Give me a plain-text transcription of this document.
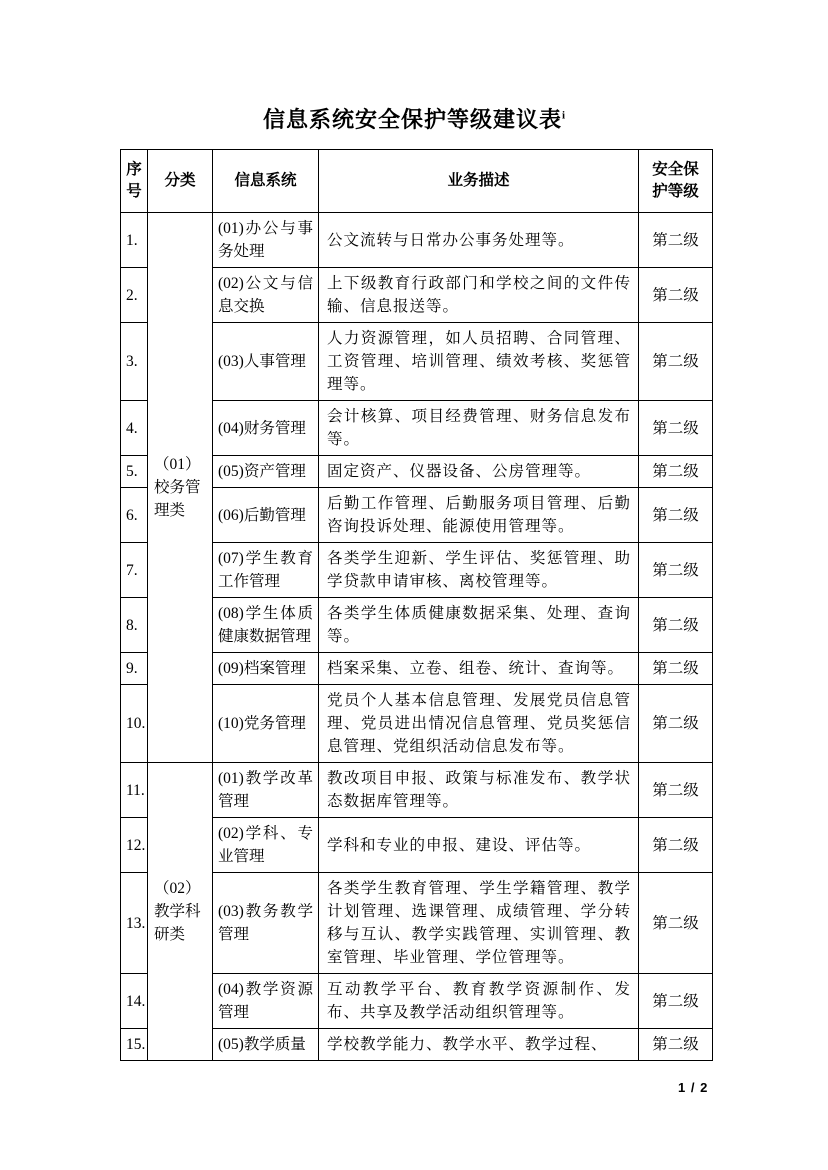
信息系统安全保护等级建议表$^i$
序号	分类	信息系统	业务描述	安全保护等级
1.	（01）校务管理类	(01)办公与事务处理	公文流转与日常办公事务处理等。	第二级
2.		(02)公文与信息交换	上下级教育行政部门和学校之间的文件传输、信息报送等。	第二级
3.		(03)人事管理	人力资源管理，如人员招聘、合同管理、工资管理、培训管理、绩效考核、奖惩管理等。	第二级
4.		(04)财务管理	会计核算、项目经费管理、财务信息发布等。	第二级
5.		(05)资产管理	固定资产、仪器设备、公房管理等。	第二级
6.		(06)后勤管理	后勤工作管理、后勤服务项目管理、后勤咨询投诉处理、能源使用管理等。	第二级
7.		(07)学生教育工作管理	各类学生迎新、学生评估、奖惩管理、助学贷款申请审核、离校管理等。	第二级
8.		(08)学生体质健康数据管理	各类学生体质健康数据采集、处理、查询等。	第二级
9.		(09)档案管理	档案采集、立卷、组卷、统计、查询等。	第二级
10.		(10)党务管理	党员个人基本信息管理、发展党员信息管理、党员进出情况信息管理、党员奖惩信息管理、党组织活动信息发布等。	第二级
11.	（02）教学科研类	(01)教学改革管理	教改项目申报、政策与标准发布、教学状态数据库管理等。	第二级
12.		(02)学科、专业管理	学科和专业的申报、建设、评估等。	第二级
13.		(03)教务教学管理	各类学生教育管理、学生学籍管理、教学计划管理、选课管理、成绩管理、学分转移与互认、教学实践管理、实训管理、教室管理、毕业管理、学位管理等。	第二级
14.		(04)教学资源管理	互动教学平台、教育教学资源制作、发布、共享及教学活动组织管理等。	第二级
15.		(05)教学质量	学校教学能力、教学水平、教学过程、	第二级
1 / 2
